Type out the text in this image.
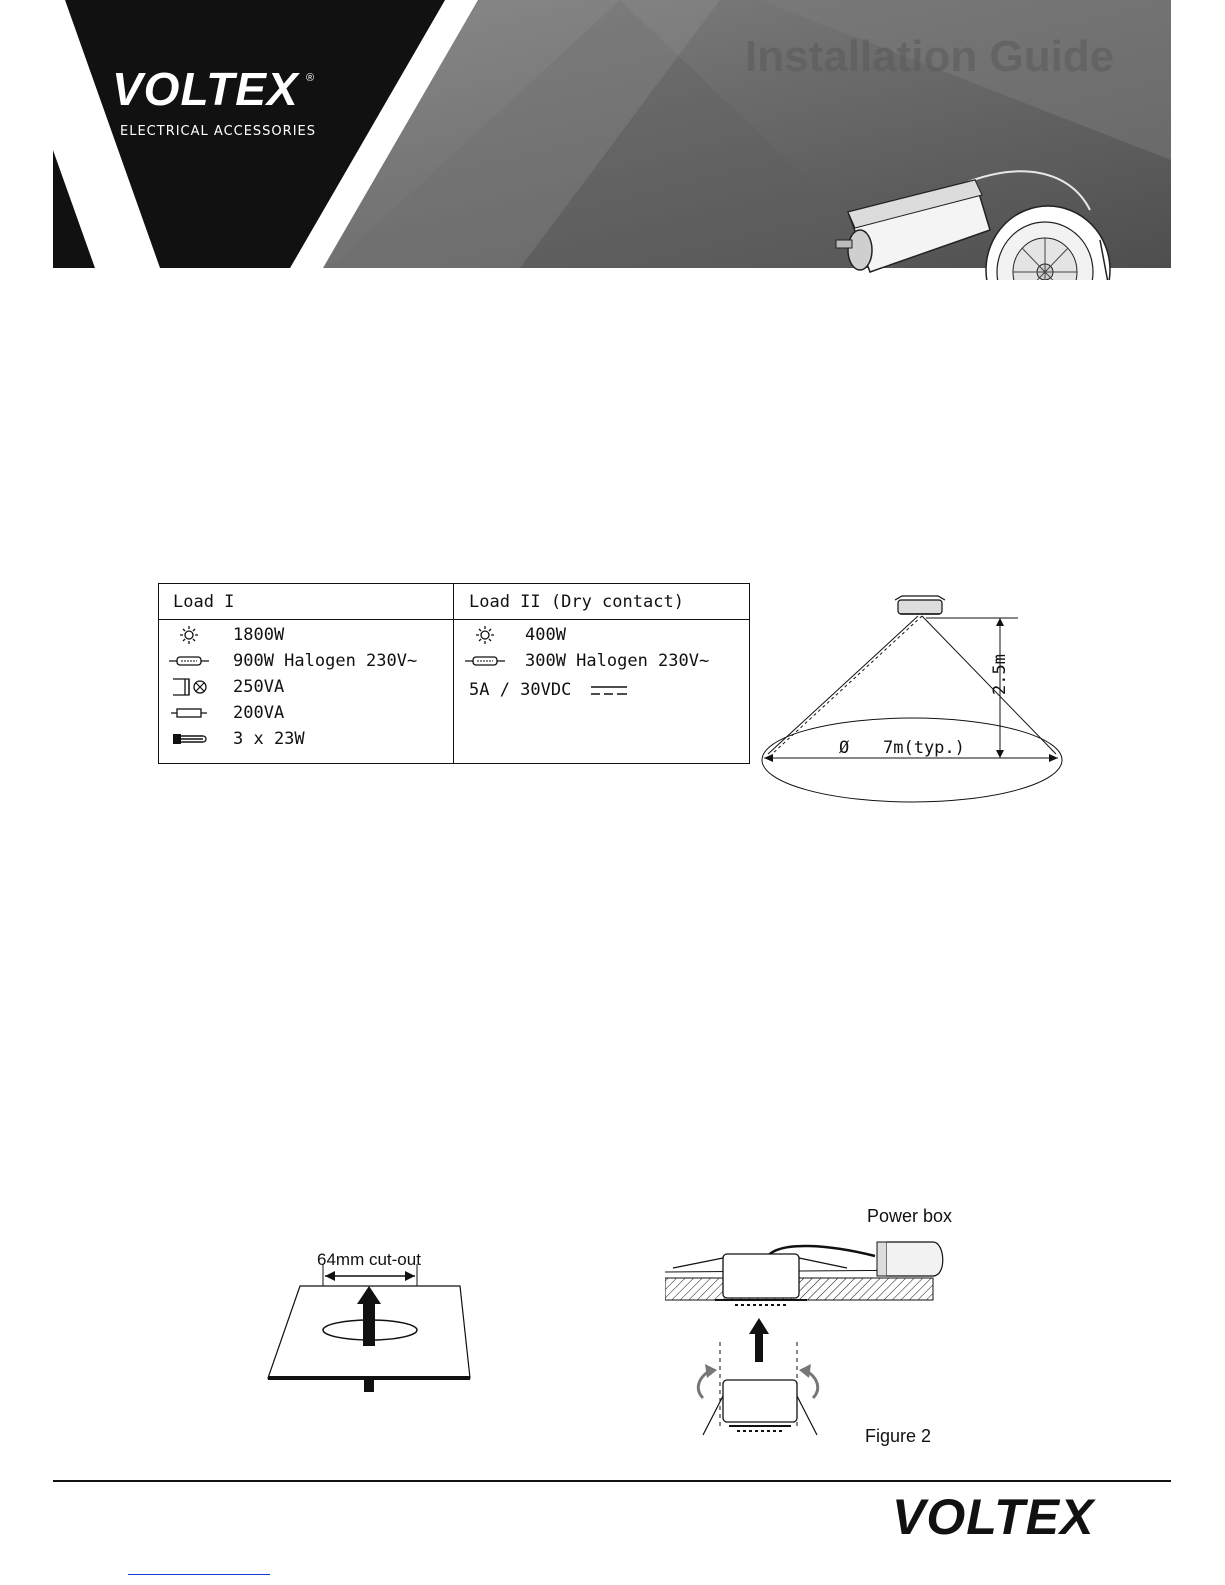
VOLTEX ®
ELECTRICAL ACCESSORIES
Installation Guide
Load I	Load II (Dry contact)
1800W
900W Halogen 230V~
250VA
200VA
3 x 23W
400W
300W Halogen 230V~
5A / 30VDC	2.5m
Ø 7m(typ.)
64mm cut-out
Power box
Figure 2
VOLTEX
